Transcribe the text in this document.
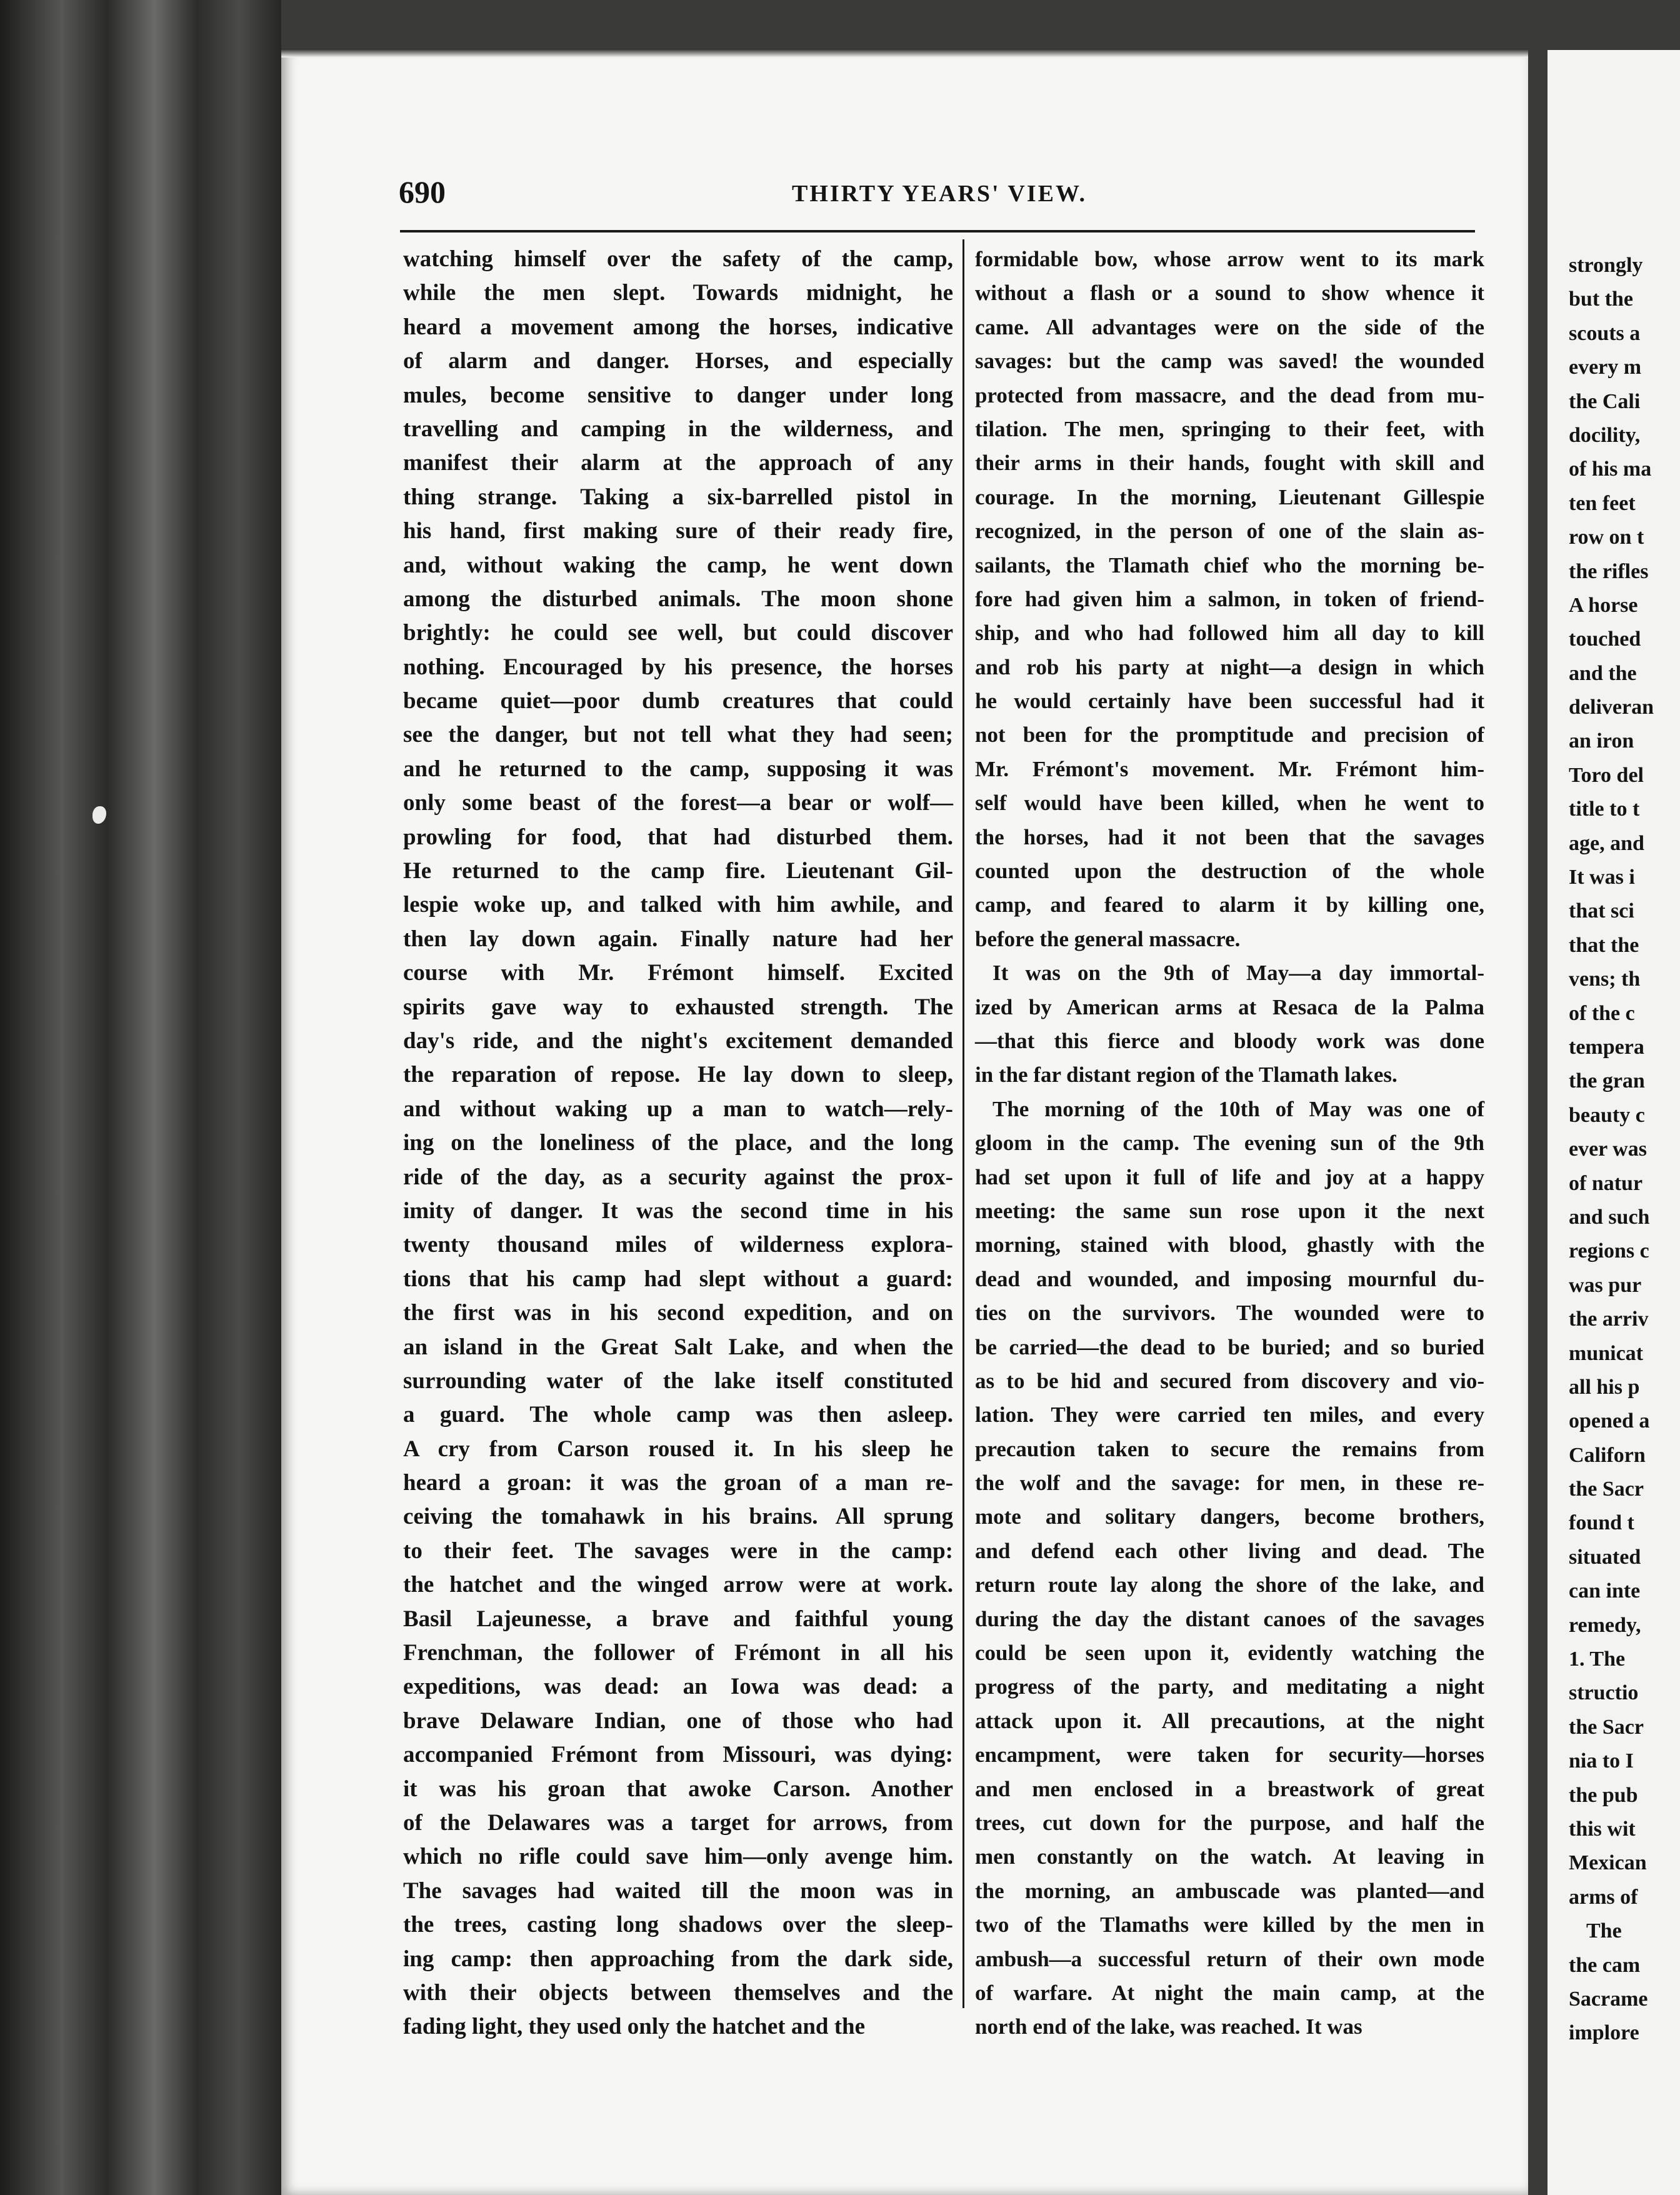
690	THIRTY YEARS' VIEW.
watching himself over the safety of the camp,
while the men slept. Towards midnight, he
heard a movement among the horses, indicative
of alarm and danger. Horses, and especially
mules, become sensitive to danger under long
travelling and camping in the wilderness, and
manifest their alarm at the approach of any
thing strange. Taking a six-barrelled pistol in
his hand, first making sure of their ready fire,
and, without waking the camp, he went down
among the disturbed animals. The moon shone
brightly: he could see well, but could discover
nothing. Encouraged by his presence, the horses
became quiet—poor dumb creatures that could
see the danger, but not tell what they had seen;
and he returned to the camp, supposing it was
only some beast of the forest—a bear or wolf—
prowling for food, that had disturbed them.
He returned to the camp fire. Lieutenant Gil-
lespie woke up, and talked with him awhile, and
then lay down again. Finally nature had her
course with Mr. Frémont himself. Excited
spirits gave way to exhausted strength. The
day's ride, and the night's excitement demanded
the reparation of repose. He lay down to sleep,
and without waking up a man to watch—rely-
ing on the loneliness of the place, and the long
ride of the day, as a security against the prox-
imity of danger. It was the second time in his
twenty thousand miles of wilderness explora-
tions that his camp had slept without a guard:
the first was in his second expedition, and on
an island in the Great Salt Lake, and when the
surrounding water of the lake itself constituted
a guard. The whole camp was then asleep.
A cry from Carson roused it. In his sleep he
heard a groan: it was the groan of a man re-
ceiving the tomahawk in his brains. All sprung
to their feet. The savages were in the camp:
the hatchet and the winged arrow were at work.
Basil Lajeunesse, a brave and faithful young
Frenchman, the follower of Frémont in all his
expeditions, was dead: an Iowa was dead: a
brave Delaware Indian, one of those who had
accompanied Frémont from Missouri, was dying:
it was his groan that awoke Carson. Another
of the Delawares was a target for arrows, from
which no rifle could save him—only avenge him.
The savages had waited till the moon was in
the trees, casting long shadows over the sleep-
ing camp: then approaching from the dark side,
with their objects between themselves and the
fading light, they used only the hatchet and the
formidable bow, whose arrow went to its mark
without a flash or a sound to show whence it
came. All advantages were on the side of the
savages: but the camp was saved! the wounded
protected from massacre, and the dead from mu-
tilation. The men, springing to their feet, with
their arms in their hands, fought with skill and
courage. In the morning, Lieutenant Gillespie
recognized, in the person of one of the slain as-
sailants, the Tlamath chief who the morning be-
fore had given him a salmon, in token of friend-
ship, and who had followed him all day to kill
and rob his party at night—a design in which
he would certainly have been successful had it
not been for the promptitude and precision of
Mr. Frémont's movement. Mr. Frémont him-
self would have been killed, when he went to
the horses, had it not been that the savages
counted upon the destruction of the whole
camp, and feared to alarm it by killing one,
before the general massacre.
It was on the 9th of May—a day immortal-
ized by American arms at Resaca de la Palma
—that this fierce and bloody work was done
in the far distant region of the Tlamath lakes.
The morning of the 10th of May was one of
gloom in the camp. The evening sun of the 9th
had set upon it full of life and joy at a happy
meeting: the same sun rose upon it the next
morning, stained with blood, ghastly with the
dead and wounded, and imposing mournful du-
ties on the survivors. The wounded were to
be carried—the dead to be buried; and so buried
as to be hid and secured from discovery and vio-
lation. They were carried ten miles, and every
precaution taken to secure the remains from
the wolf and the savage: for men, in these re-
mote and solitary dangers, become brothers,
and defend each other living and dead. The
return route lay along the shore of the lake, and
during the day the distant canoes of the savages
could be seen upon it, evidently watching the
progress of the party, and meditating a night
attack upon it. All precautions, at the night
encampment, were taken for security—horses
and men enclosed in a breastwork of great
trees, cut down for the purpose, and half the
men constantly on the watch. At leaving in
the morning, an ambuscade was planted—and
two of the Tlamaths were killed by the men in
ambush—a successful return of their own mode
of warfare. At night the main camp, at the
north end of the lake, was reached. It was
strongly
but the
scouts a
every m
the Cali
docility,
of his ma
ten feet
row on t
the rifles
A horse
touched
and the
deliveran
an iron
Toro del
title to t
age, and
It was i
that sci
that the
vens; th
of the c
tempera
the gran
beauty c
ever was
of natur
and such
regions c
was pur
the arriv
municat
all his p
opened a
Californ
the Sacr
found t
situated
can inte
remedy,
1. The
structio
the Sacr
nia to I
the pub
this wit
Mexican
arms of
The
the cam
Sacrame
implore
